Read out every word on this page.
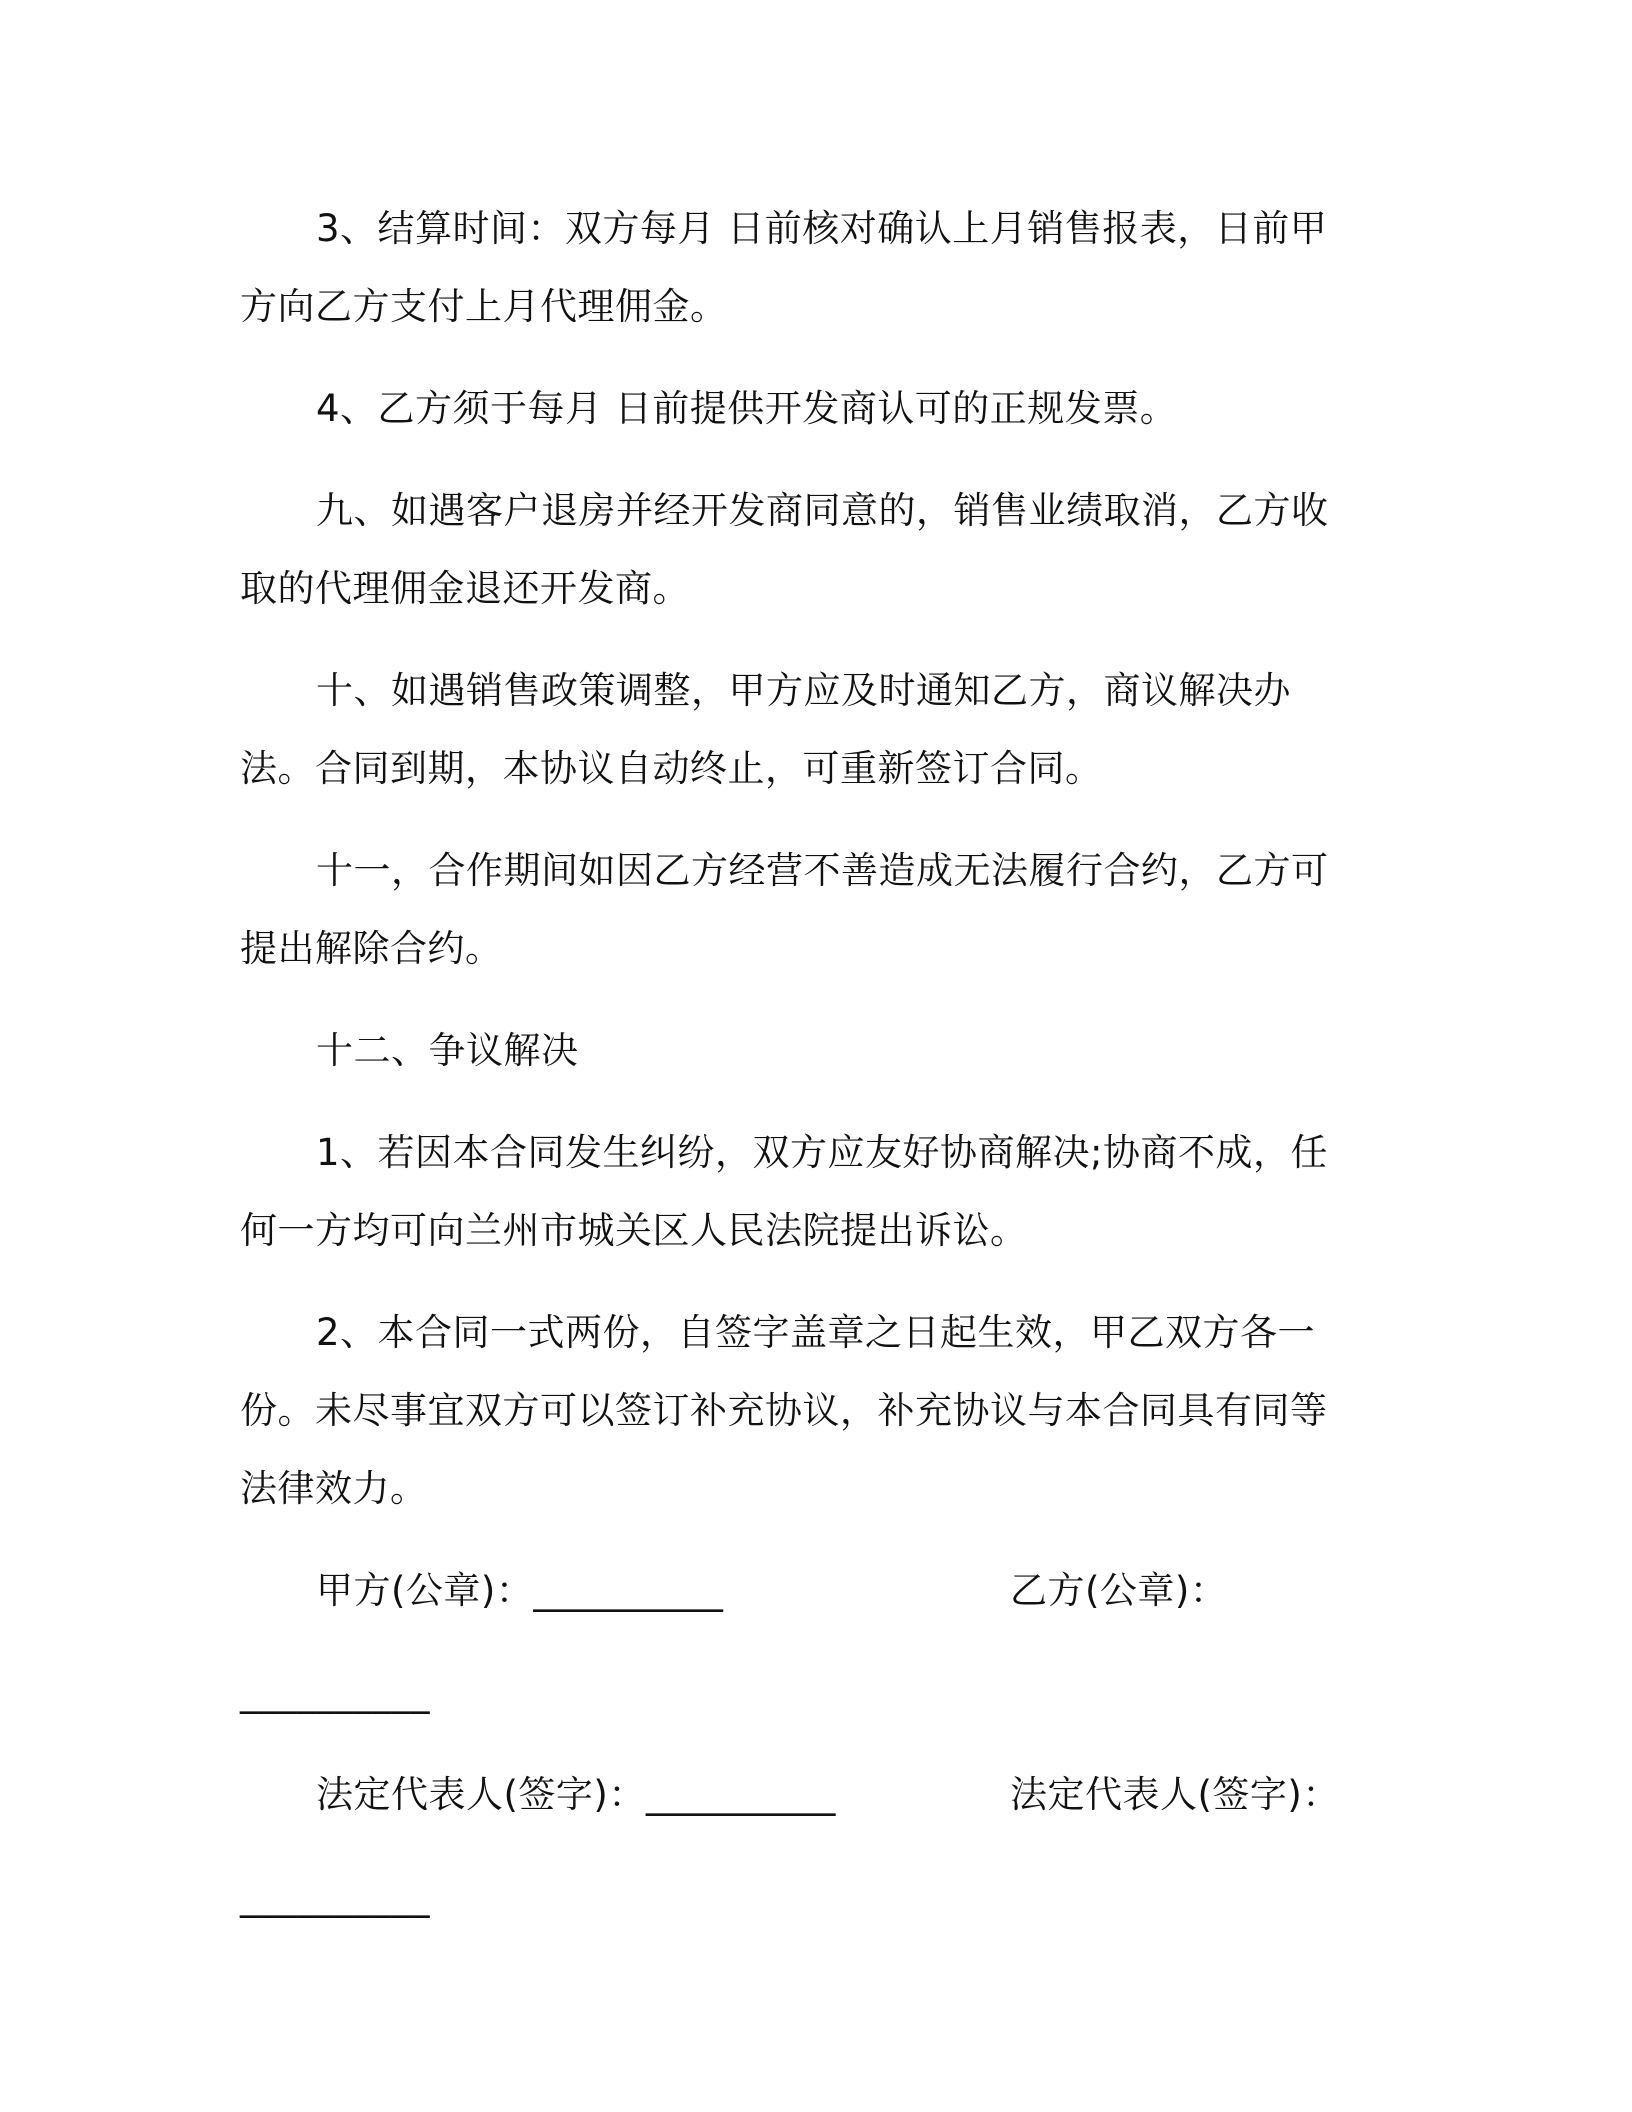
3、结算时间：双方每月 日前核对确认上月销售报表，日前甲方向乙方支付上月代理佣金。

4、乙方须于每月 日前提供开发商认可的正规发票。

九、如遇客户退房并经开发商同意的，销售业绩取消，乙方收取的代理佣金退还开发商。

十、如遇销售政策调整，甲方应及时通知乙方，商议解决办法。合同到期，本协议自动终止，可重新签订合同。

十一，合作期间如因乙方经营不善造成无法履行合约，乙方可提出解除合约。

十二、争议解决

1、若因本合同发生纠纷，双方应友好协商解决;协商不成，任何一方均可向兰州市城关区人民法院提出诉讼。

2、本合同一式两份，自签字盖章之日起生效，甲乙双方各一份。未尽事宜双方可以签订补充协议，补充协议与本合同具有同等法律效力。

甲方(公章)：__________	乙方(公章)：
__________
法定代表人(签字)：__________	法定代表人(签字)：
__________
